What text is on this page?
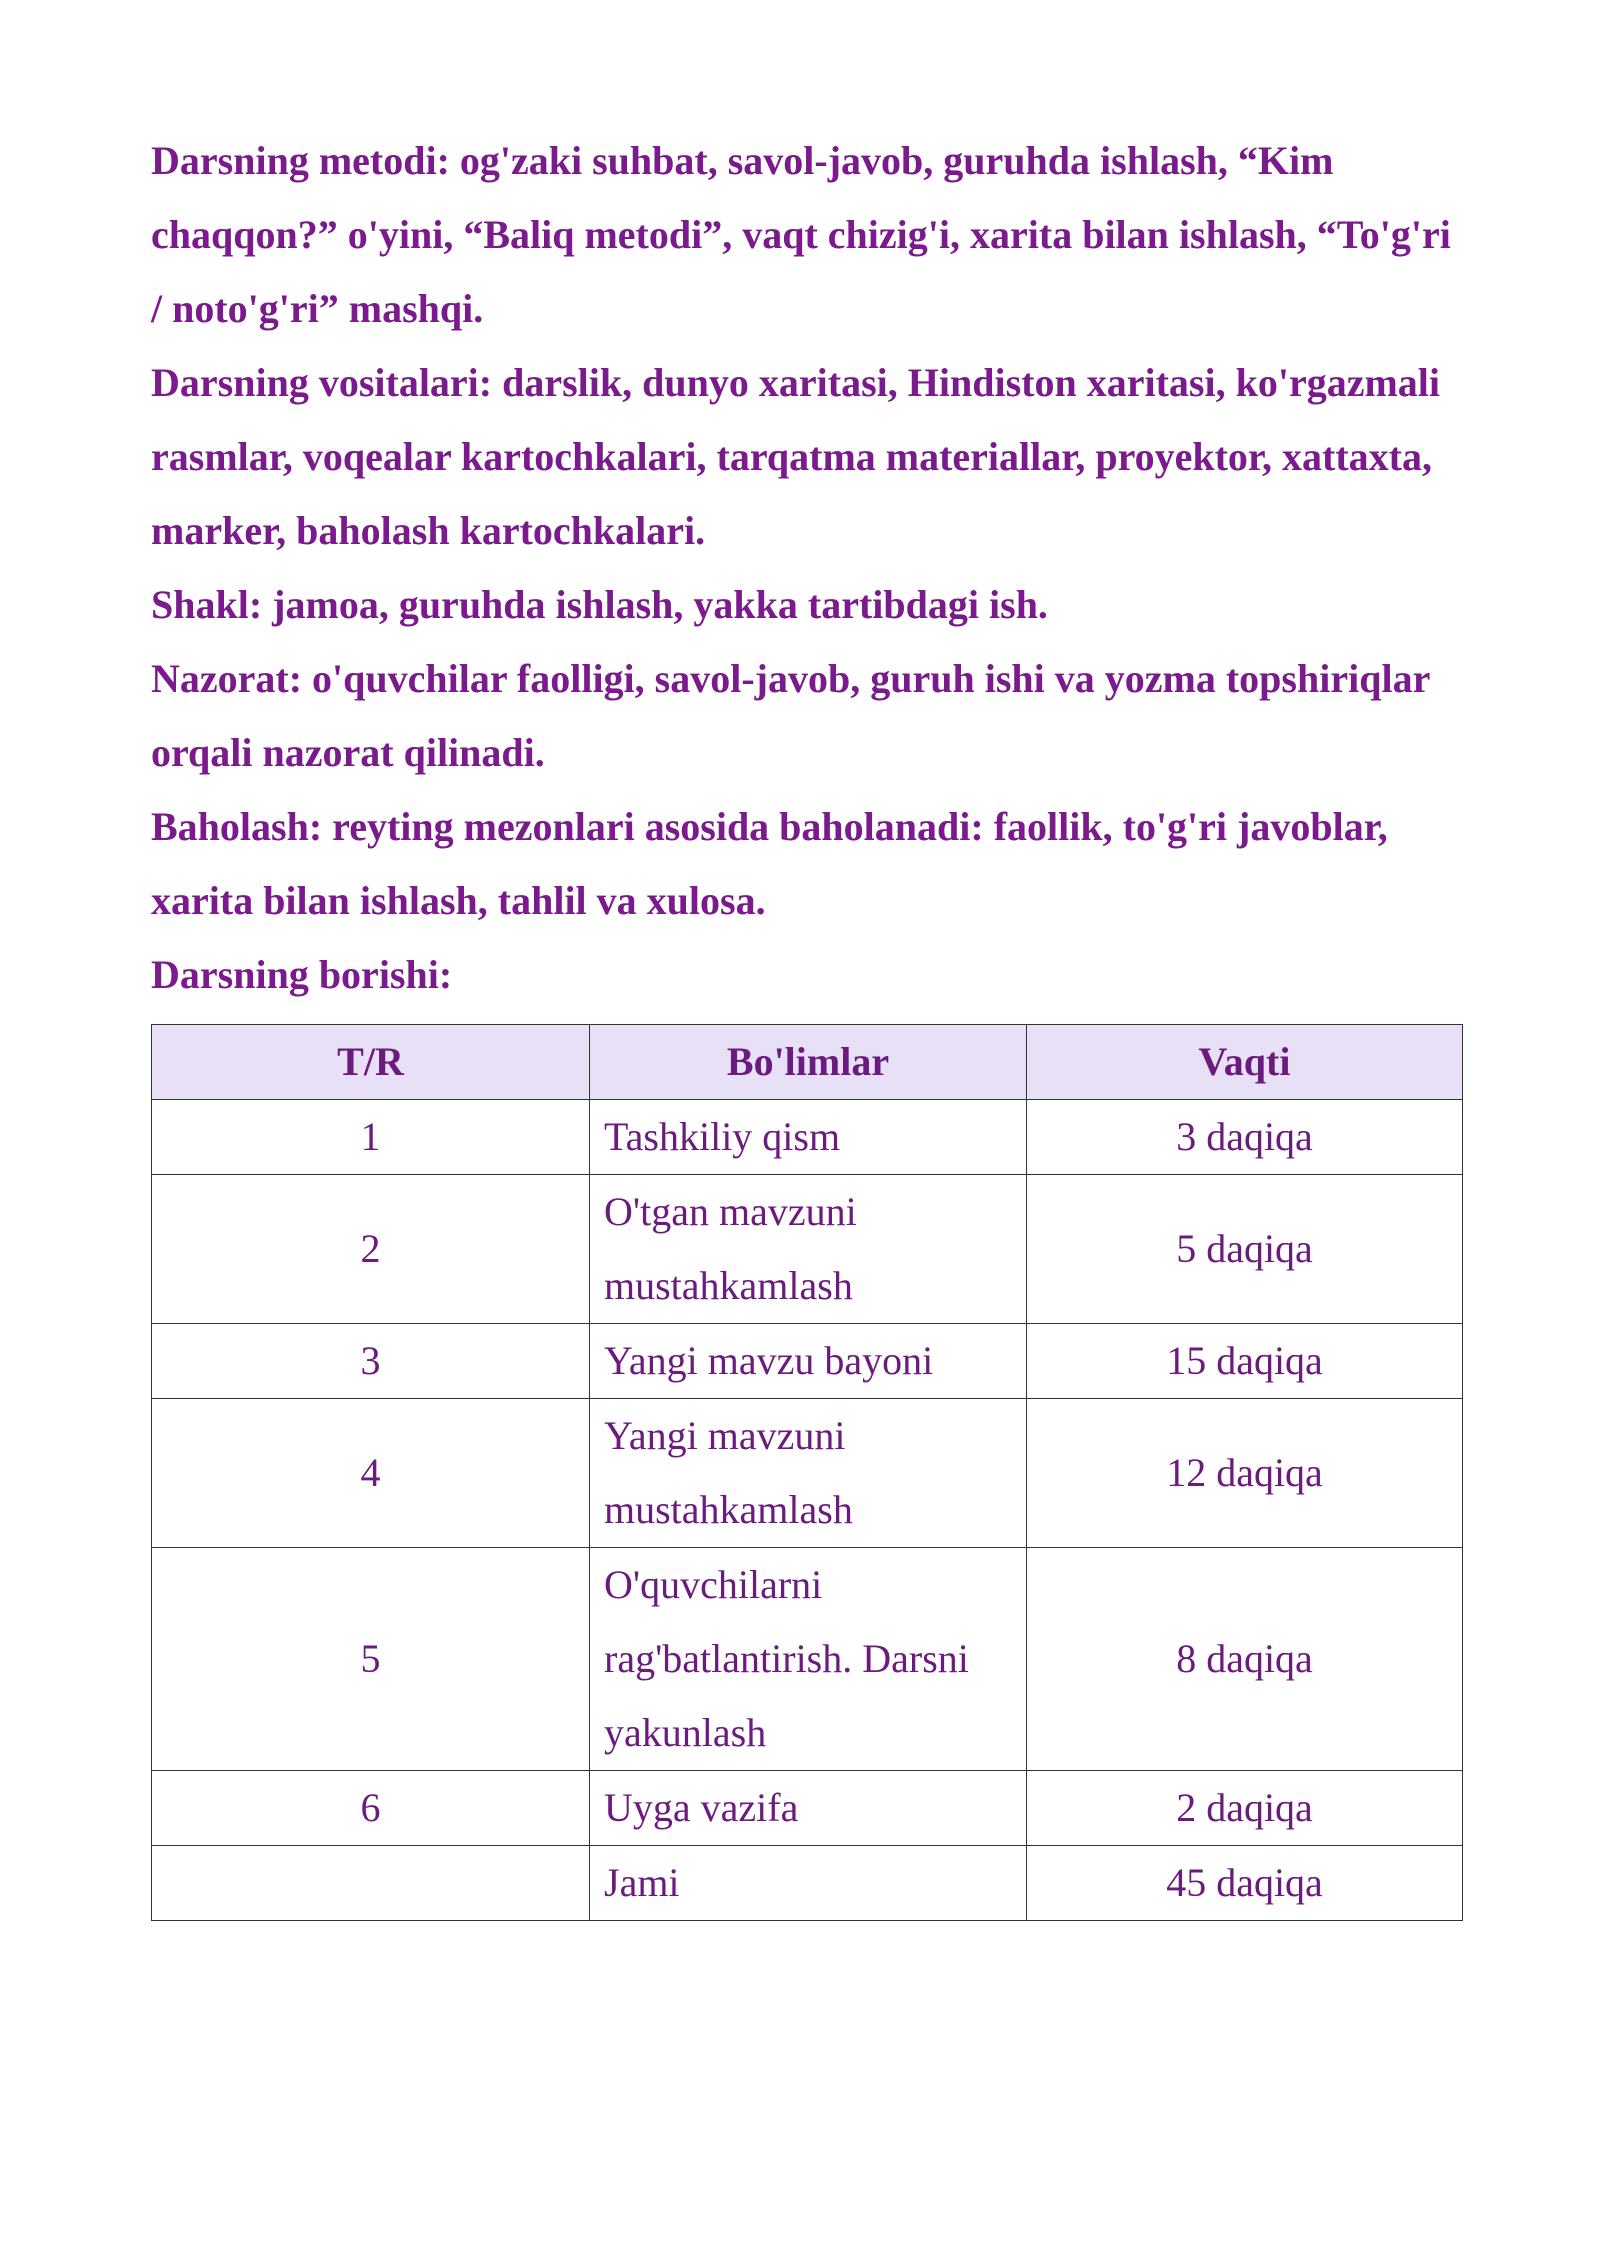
Darsning metodi: og'zaki suhbat, savol-javob, guruhda ishlash, “Kim chaqqon?” o'yini, “Baliq metodi”, vaqt chizig'i, xarita bilan ishlash, “To'g'ri / noto'g'ri” mashqi.

Darsning vositalari: darslik, dunyo xaritasi, Hindiston xaritasi, ko'rgazmali rasmlar, voqealar kartochkalari, tarqatma materiallar, proyektor, xattaxta, marker, baholash kartochkalari.

Shakl: jamoa, guruhda ishlash, yakka tartibdagi ish.

Nazorat: o'quvchilar faolligi, savol-javob, guruh ishi va yozma topshiriqlar orqali nazorat qilinadi.

Baholash: reyting mezonlari asosida baholanadi: faollik, to'g'ri javoblar, xarita bilan ishlash, tahlil va xulosa.

Darsning borishi:

T/R	Bo'limlar	Vaqti
1	Tashkiliy qism	3 daqiqa
2	O'tgan mavzuni mustahkamlash	5 daqiqa
3	Yangi mavzu bayoni	15 daqiqa
4	Yangi mavzuni mustahkamlash	12 daqiqa
5	O'quvchilarni rag'batlantirish. Darsni yakunlash	8 daqiqa
6	Uyga vazifa	2 daqiqa
	Jami	45 daqiqa
